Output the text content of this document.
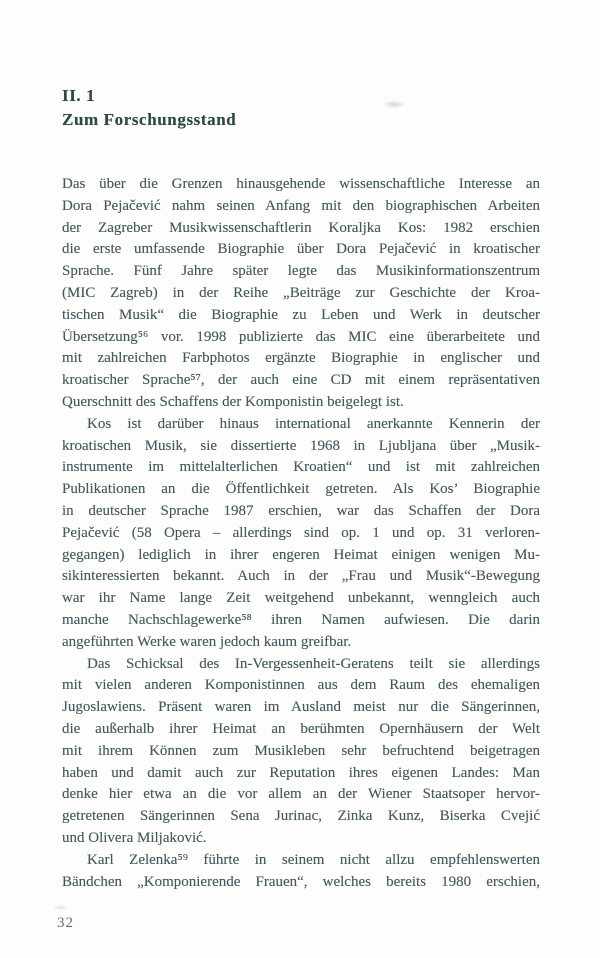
II. 1
Zum Forschungsstand
Das über die Grenzen hinausgehende wissenschaftliche Interesse an
Dora Pejačević nahm seinen Anfang mit den biographischen Arbeiten
der Zagreber Musikwissenschaftlerin Koraljka Kos: 1982 erschien
die erste umfassende Biographie über Dora Pejačević in kroatischer
Sprache. Fünf Jahre später legte das Musikinformationszentrum
(MIC Zagreb) in der Reihe „Beiträge zur Geschichte der Kroa-
tischen Musik“ die Biographie zu Leben und Werk in deutscher
Übersetzung⁵⁶ vor. 1998 publizierte das MIC eine überarbeitete und
mit zahlreichen Farbphotos ergänzte Biographie in englischer und
kroatischer Sprache⁵⁷, der auch eine CD mit einem repräsentativen
Querschnitt des Schaffens der Komponistin beigelegt ist.
Kos ist darüber hinaus international anerkannte Kennerin der
kroatischen Musik, sie dissertierte 1968 in Ljubljana über „Musik-
instrumente im mittelalterlichen Kroatien“ und ist mit zahlreichen
Publikationen an die Öffentlichkeit getreten. Als Kos’ Biographie
in deutscher Sprache 1987 erschien, war das Schaffen der Dora
Pejačević (58 Opera – allerdings sind op. 1 und op. 31 verloren-
gegangen) lediglich in ihrer engeren Heimat einigen wenigen Mu-
sikinteressierten bekannt. Auch in der „Frau und Musik“-Bewegung
war ihr Name lange Zeit weitgehend unbekannt, wenngleich auch
manche Nachschlagewerke⁵⁸ ihren Namen aufwiesen. Die darin
angeführten Werke waren jedoch kaum greifbar.
Das Schicksal des In-Vergessenheit-Geratens teilt sie allerdings
mit vielen anderen Komponistinnen aus dem Raum des ehemaligen
Jugoslawiens. Präsent waren im Ausland meist nur die Sängerinnen,
die außerhalb ihrer Heimat an berühmten Opernhäusern der Welt
mit ihrem Können zum Musikleben sehr befruchtend beigetragen
haben und damit auch zur Reputation ihres eigenen Landes: Man
denke hier etwa an die vor allem an der Wiener Staatsoper hervor-
getretenen Sängerinnen Sena Jurinac, Zinka Kunz, Biserka Cvejić
und Olivera Miljaković.
Karl Zelenka⁵⁹ führte in seinem nicht allzu empfehlenswerten
Bändchen „Komponierende Frauen“, welches bereits 1980 erschien,
32
